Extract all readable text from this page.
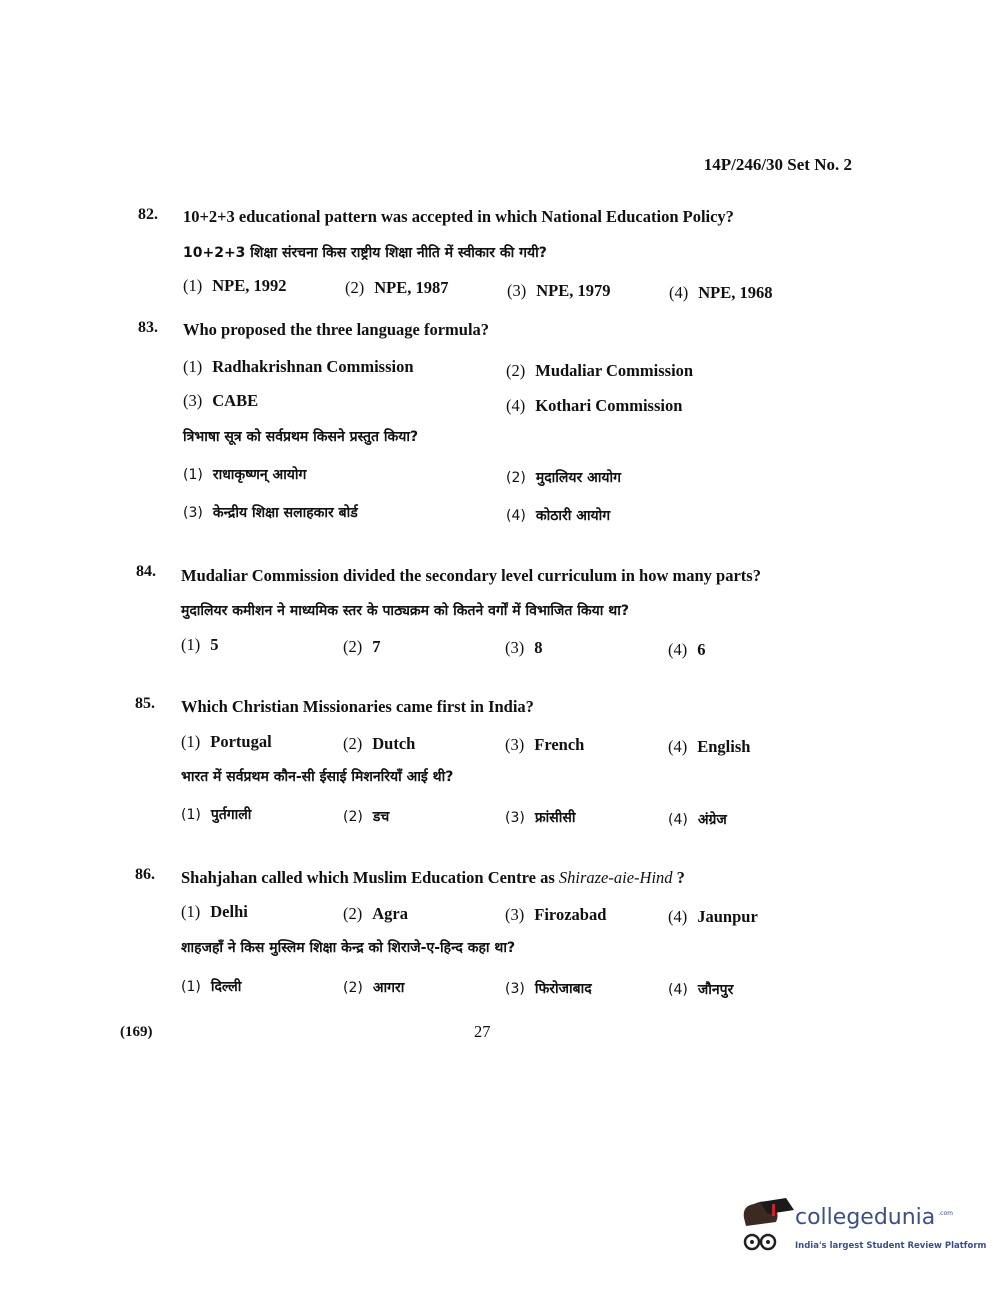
14P/246/30 Set No. 2
82. 10+2+3 educational pattern was accepted in which National Education Policy?
10+2+3 शिक्षा संरचना किस राष्ट्रीय शिक्षा नीति में स्वीकार की गयी?
(1) NPE, 1992	(2) NPE, 1987	(3) NPE, 1979	(4) NPE, 1968
83. Who proposed the three language formula?
(1) Radhakrishnan Commission	(2) Mudaliar Commission
(3) CABE	(4) Kothari Commission
त्रिभाषा सूत्र को सर्वप्रथम किसने प्रस्तुत किया?
(1) राधाकृष्णन् आयोग	(2) मुदालियर आयोग
(3) केन्द्रीय शिक्षा सलाहकार बोर्ड	(4) कोठारी आयोग
84. Mudaliar Commission divided the secondary level curriculum in how many parts?
मुदालियर कमीशन ने माध्यमिक स्तर के पाठ्यक्रम को कितने वर्गों में विभाजित किया था?
(1) 5	(2) 7	(3) 8	(4) 6
85. Which Christian Missionaries came first in India?
(1) Portugal	(2) Dutch	(3) French	(4) English
भारत में सर्वप्रथम कौन-सी ईसाई मिशनरियाँ आई थी?
(1) पुर्तगाली	(2) डच	(3) फ्रांसीसी	(4) अंग्रेज
86. Shahjahan called which Muslim Education Centre as Shiraze-aie-Hind ?
(1) Delhi	(2) Agra	(3) Firozabad	(4) Jaunpur
शाहजहाँ ने किस मुस्लिम शिक्षा केन्द्र को शिराजे-ए-हिन्द कहा था?
(1) दिल्ली	(2) आगरा	(3) फिरोजाबाद	(4) जौनपुर
(169)	27
collegedunia .com
India's largest Student Review Platform
